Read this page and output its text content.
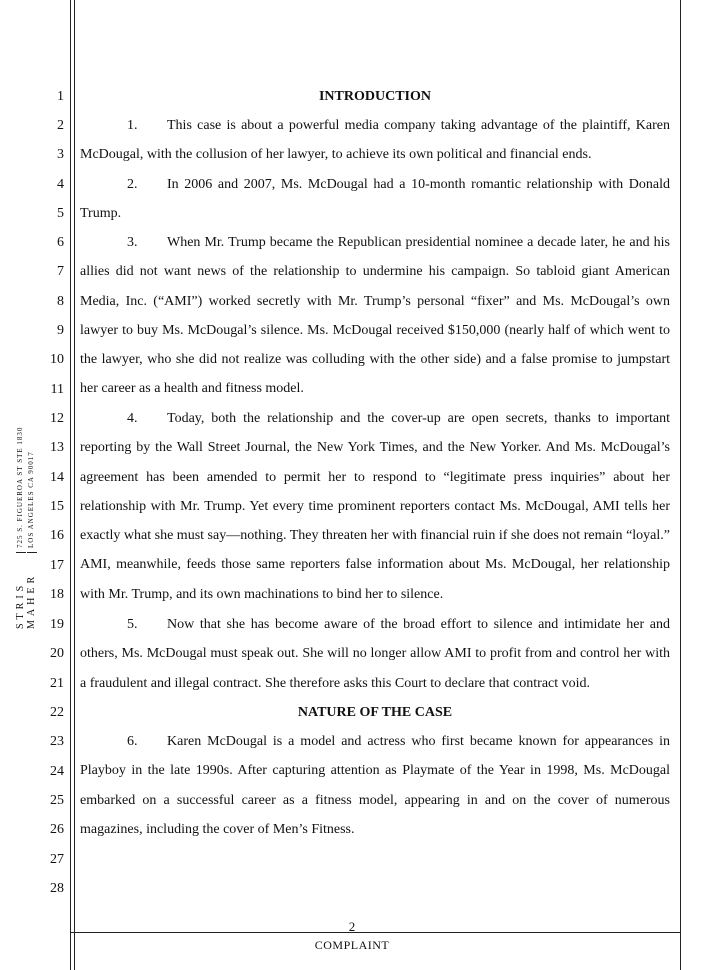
1
2
3
4
5
6
7
8
9
10
11
12
13
14
15
16
17
18
19
20
21
22
23
24
25
26
27
28
STRIS
725 S. FIGUEROA ST STE 1830
MAHER
LOS ANGELES CA 90017
INTRODUCTION
1. This case is about a powerful media company taking advantage of the plaintiff, Karen McDougal, with the collusion of her lawyer, to achieve its own political and financial ends.
2. In 2006 and 2007, Ms. McDougal had a 10-month romantic relationship with Donald Trump.
3. When Mr. Trump became the Republican presidential nominee a decade later, he and his allies did not want news of the relationship to undermine his campaign. So tabloid giant American Media, Inc. (“AMI”) worked secretly with Mr. Trump’s personal “fixer” and Ms. McDougal’s own lawyer to buy Ms. McDougal’s silence. Ms. McDougal received $150,000 (nearly half of which went to the lawyer, who she did not realize was colluding with the other side) and a false promise to jumpstart her career as a health and fitness model.
4. Today, both the relationship and the cover-up are open secrets, thanks to important reporting by the Wall Street Journal, the New York Times, and the New Yorker. And Ms. McDougal’s agreement has been amended to permit her to respond to “legitimate press inquiries” about her relationship with Mr. Trump. Yet every time prominent reporters contact Ms. McDougal, AMI tells her exactly what she must say—nothing. They threaten her with financial ruin if she does not remain “loyal.” AMI, meanwhile, feeds those same reporters false information about Ms. McDougal, her relationship with Mr. Trump, and its own machinations to bind her to silence.
5. Now that she has become aware of the broad effort to silence and intimidate her and others, Ms. McDougal must speak out. She will no longer allow AMI to profit from and control her with a fraudulent and illegal contract. She therefore asks this Court to declare that contract void.
NATURE OF THE CASE
6. Karen McDougal is a model and actress who first became known for appearances in Playboy in the late 1990s. After capturing attention as Playmate of the Year in 1998, Ms. McDougal embarked on a successful career as a fitness model, appearing in and on the cover of numerous magazines, including the cover of Men’s Fitness.
2
COMPLAINT
